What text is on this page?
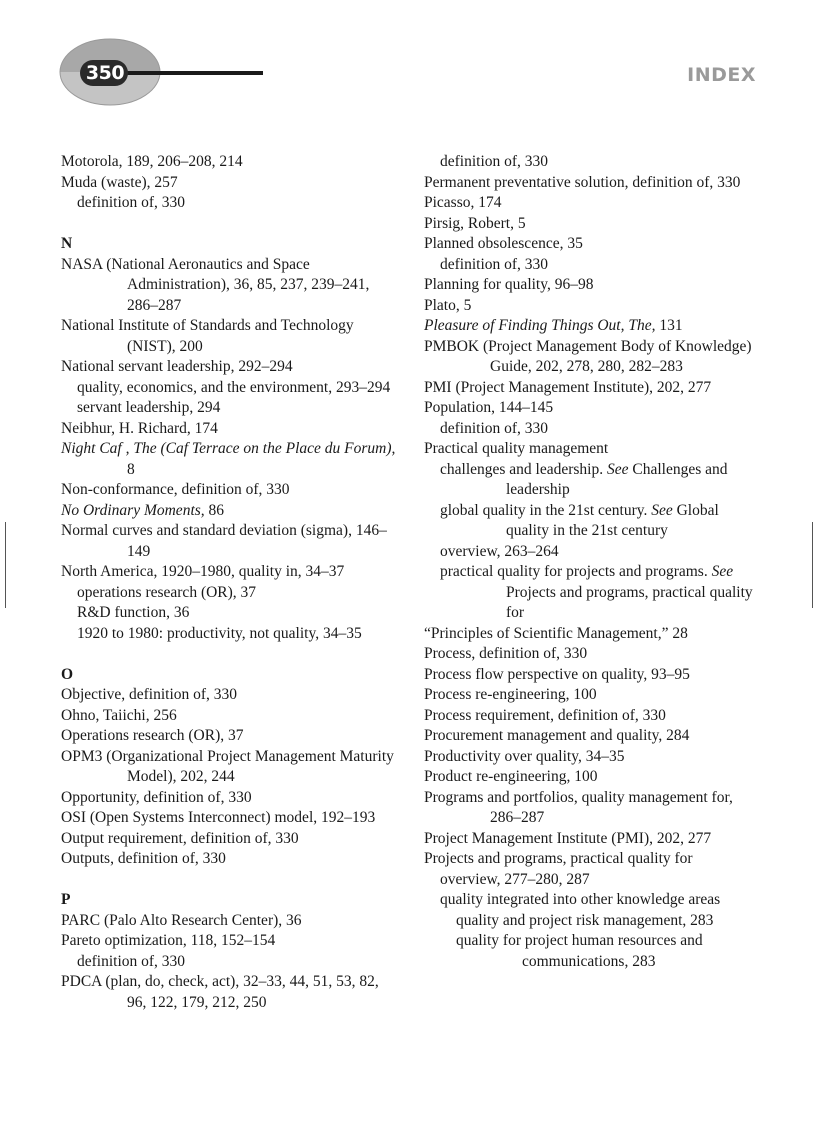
350	INDEX
Motorola, 189, 206–208, 214
Muda (waste), 257
definition of, 330
N
NASA (National Aeronautics and Space Administration), 36, 85, 237, 239–241, 286–287
National Institute of Standards and Technology (NIST), 200
National servant leadership, 292–294
quality, economics, and the environment, 293–294
servant leadership, 294
Neibhur, H. Richard, 174
Night Caf , The (Caf Terrace on the Place du Forum), 8
Non-conformance, definition of, 330
No Ordinary Moments, 86
Normal curves and standard deviation (sigma), 146–149
North America, 1920–1980, quality in, 34–37
operations research (OR), 37
R&D function, 36
1920 to 1980: productivity, not quality, 34–35
O
Objective, definition of, 330
Ohno, Taiichi, 256
Operations research (OR), 37
OPM3 (Organizational Project Management Maturity Model), 202, 244
Opportunity, definition of, 330
OSI (Open Systems Interconnect) model, 192–193
Output requirement, definition of, 330
Outputs, definition of, 330
P
PARC (Palo Alto Research Center), 36
Pareto optimization, 118, 152–154
definition of, 330
PDCA (plan, do, check, act), 32–33, 44, 51, 53, 82, 96, 122, 179, 212, 250
definition of, 330
Permanent preventative solution, definition of, 330
Picasso, 174
Pirsig, Robert, 5
Planned obsolescence, 35
definition of, 330
Planning for quality, 96–98
Plato, 5
Pleasure of Finding Things Out, The, 131
PMBOK (Project Management Body of Knowledge) Guide, 202, 278, 280, 282–283
PMI (Project Management Institute), 202, 277
Population, 144–145
definition of, 330
Practical quality management
challenges and leadership. See Challenges and leadership
global quality in the 21st century. See Global quality in the 21st century
overview, 263–264
practical quality for projects and programs. See Projects and programs, practical quality for
“Principles of Scientific Management,” 28
Process, definition of, 330
Process flow perspective on quality, 93–95
Process re-engineering, 100
Process requirement, definition of, 330
Procurement management and quality, 284
Productivity over quality, 34–35
Product re-engineering, 100
Programs and portfolios, quality management for, 286–287
Project Management Institute (PMI), 202, 277
Projects and programs, practical quality for
overview, 277–280, 287
quality integrated into other knowledge areas
quality and project risk management, 283
quality for project human resources and communications, 283
